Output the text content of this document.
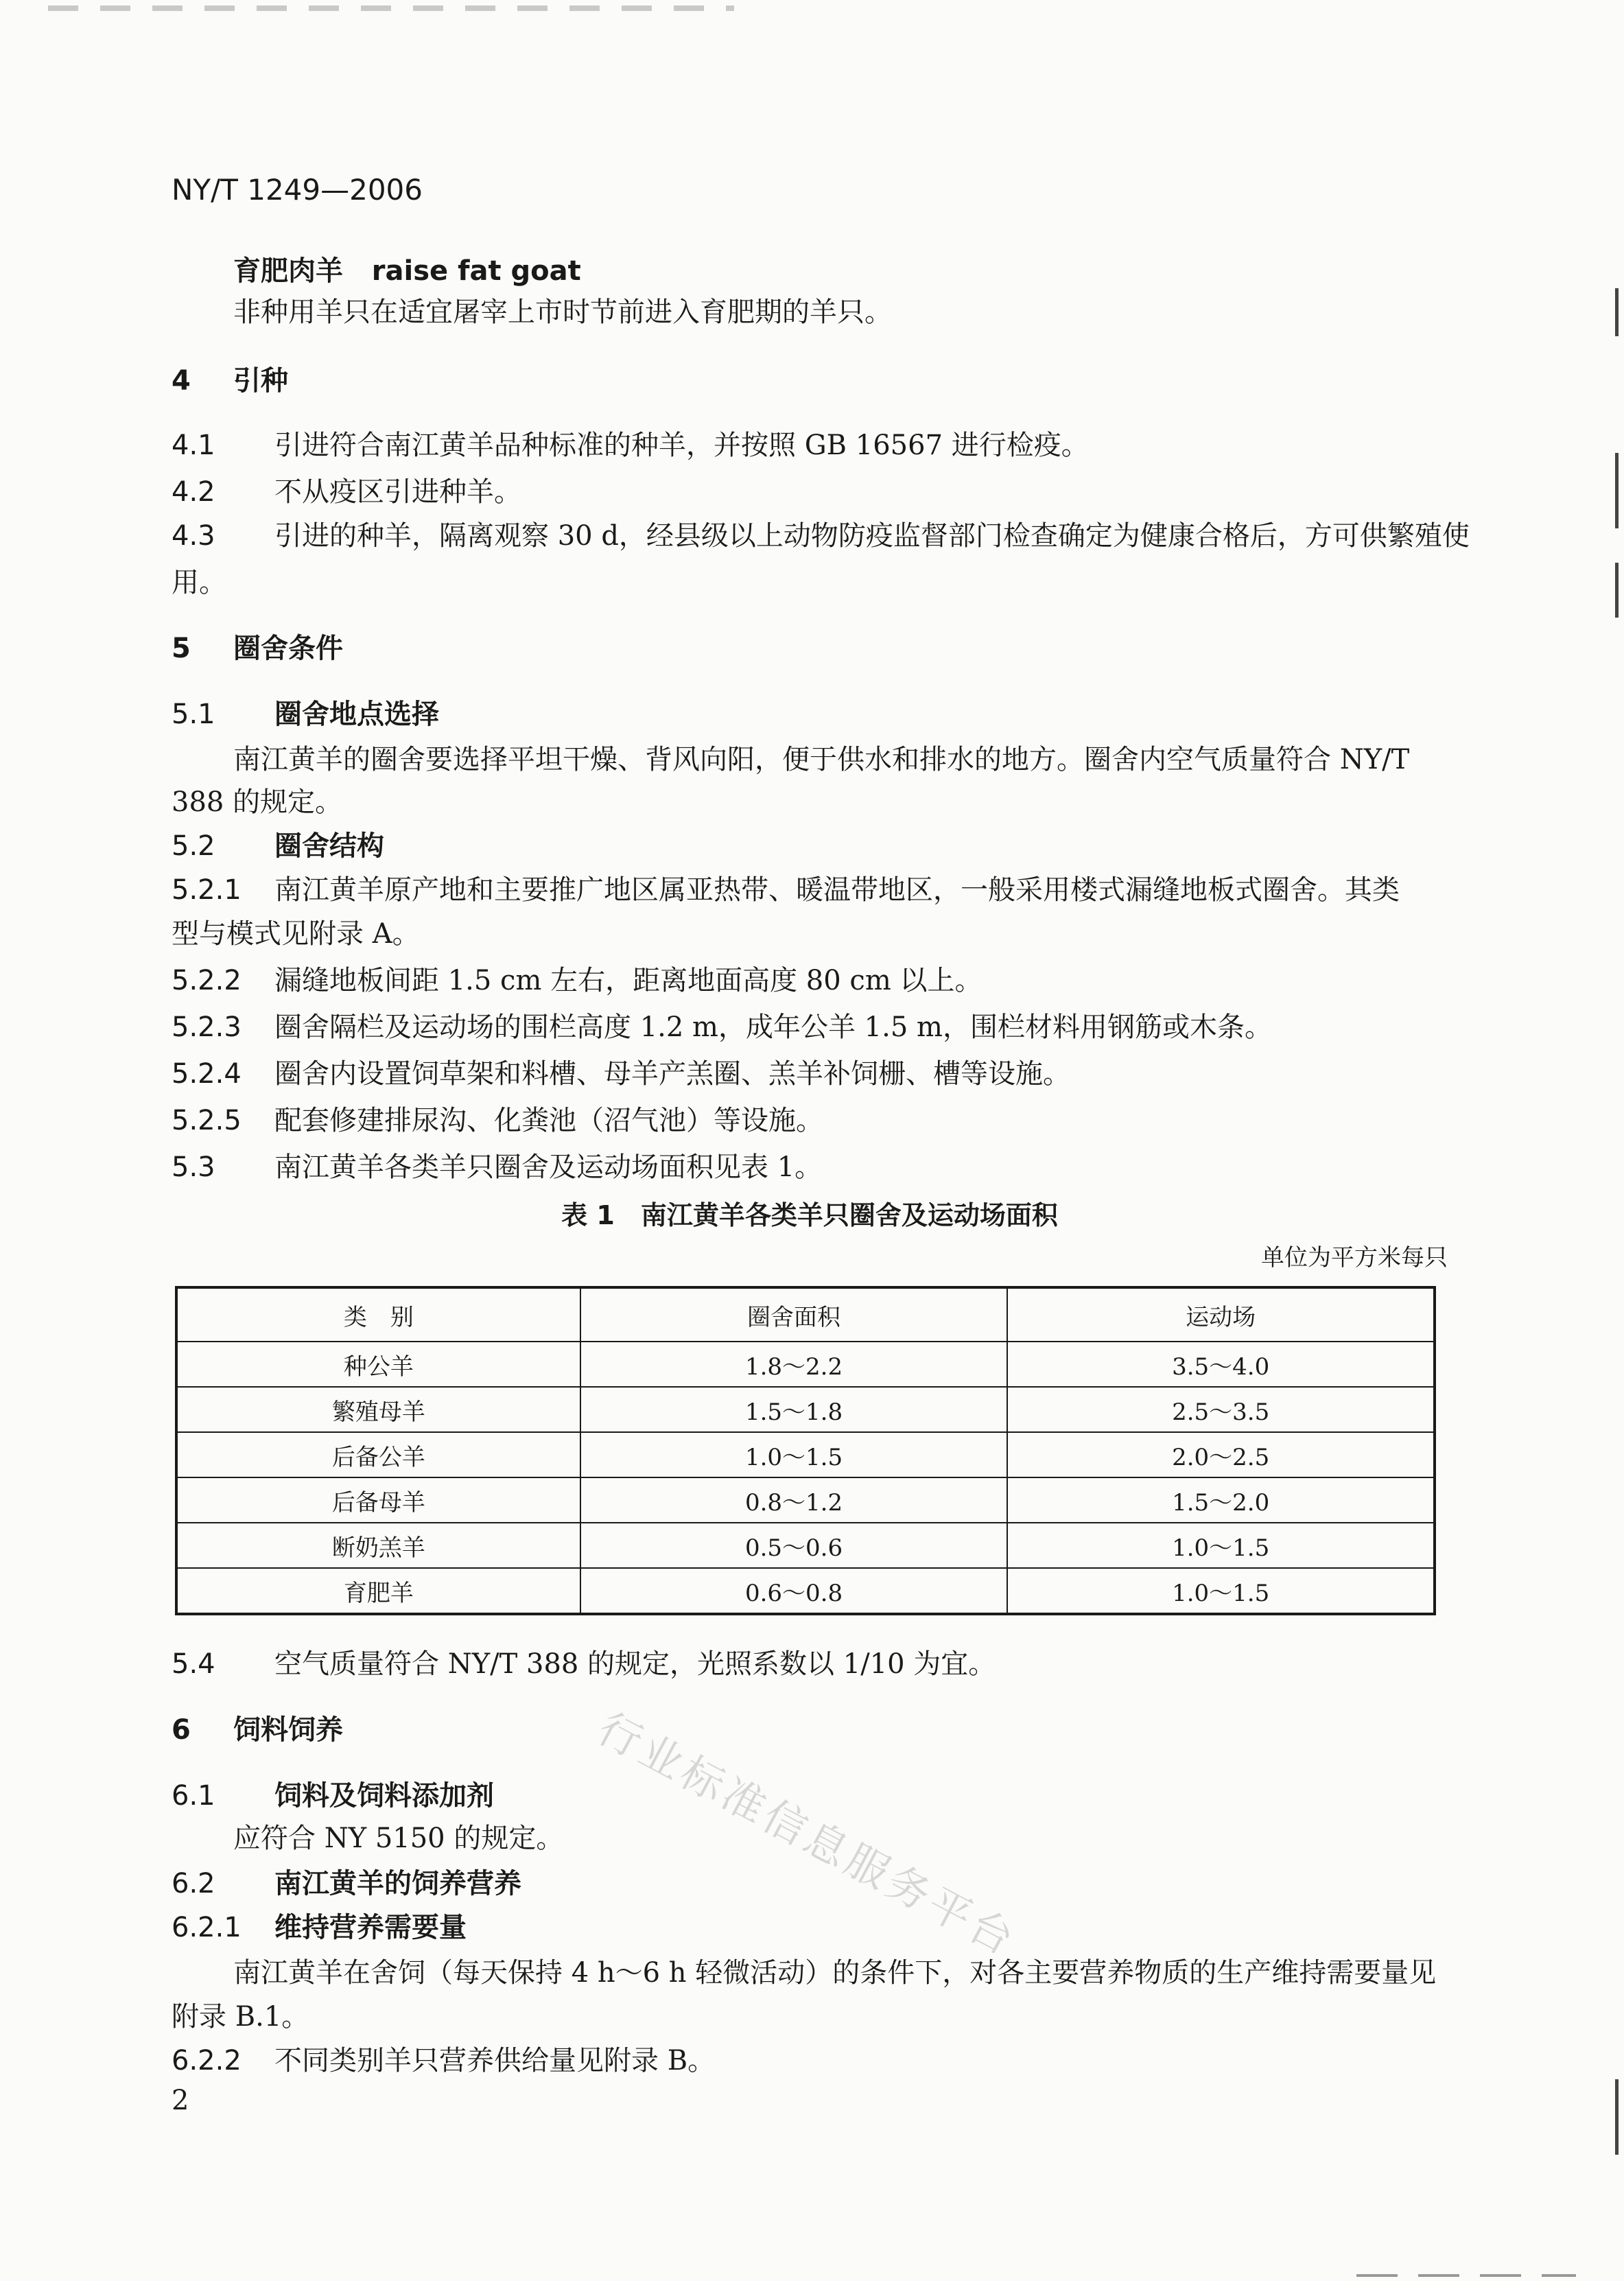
NY/T 1249—2006
育肥肉羊 raise fat goat
非种用羊只在适宜屠宰上市时节前进入育肥期的羊只。
4 引种
4.1 引进符合南江黄羊品种标准的种羊，并按照 GB 16567 进行检疫。
4.2 不从疫区引进种羊。
4.3 引进的种羊，隔离观察 30 d，经县级以上动物防疫监督部门检查确定为健康合格后，方可供繁殖使
用。
5 圈舍条件
5.1 圈舍地点选择
南江黄羊的圈舍要选择平坦干燥、背风向阳，便于供水和排水的地方。圈舍内空气质量符合 NY/T
388 的规定。
5.2 圈舍结构
5.2.1 南江黄羊原产地和主要推广地区属亚热带、暖温带地区，一般采用楼式漏缝地板式圈舍。其类
型与模式见附录 A。
5.2.2 漏缝地板间距 1.5 cm 左右，距离地面高度 80 cm 以上。
5.2.3 圈舍隔栏及运动场的围栏高度 1.2 m，成年公羊 1.5 m，围栏材料用钢筋或木条。
5.2.4 圈舍内设置饲草架和料槽、母羊产羔圈、羔羊补饲栅、槽等设施。
5.2.5 配套修建排尿沟、化粪池（沼气池）等设施。
5.3 南江黄羊各类羊只圈舍及运动场面积见表 1。
表 1　南江黄羊各类羊只圈舍及运动场面积
单位为平方米每只
类　别	圈舍面积	运动场
种公羊	1.8～2.2	3.5～4.0
繁殖母羊	1.5～1.8	2.5～3.5
后备公羊	1.0～1.5	2.0～2.5
后备母羊	0.8～1.2	1.5～2.0
断奶羔羊	0.5～0.6	1.0～1.5
育肥羊	0.6～0.8	1.0～1.5
5.4 空气质量符合 NY/T 388 的规定，光照系数以 1/10 为宜。
6 饲料饲养
6.1 饲料及饲料添加剂
应符合 NY 5150 的规定。
6.2 南江黄羊的饲养营养
6.2.1 维持营养需要量
南江黄羊在舍饲（每天保持 4 h～6 h 轻微活动）的条件下，对各主要营养物质的生产维持需要量见
附录 B.1。
6.2.2 不同类别羊只营养供给量见附录 B。
行业标准信息服务平台
2
